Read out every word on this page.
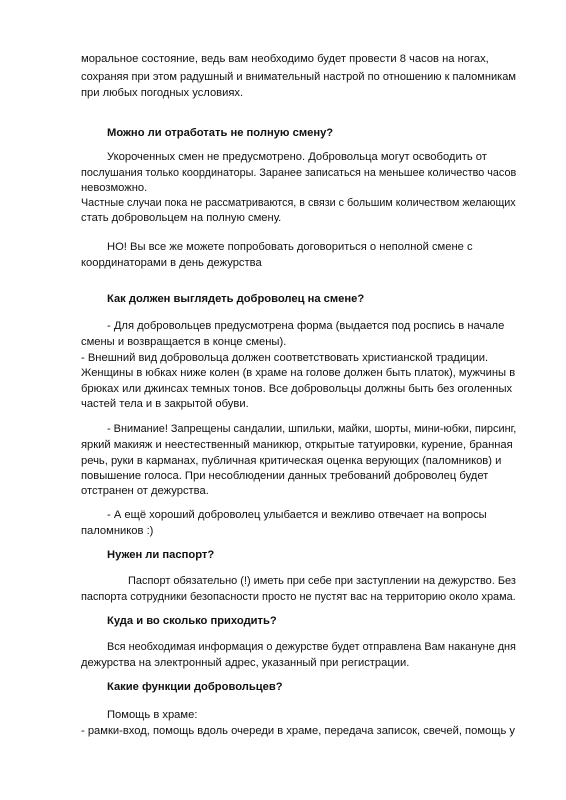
моральное состояние, ведь вам необходимо будет провести 8 часов на ногах,
сохраняя при этом радушный и внимательный настрой по отношению к паломникам
при любых погодных условиях.
Можно ли отработать не полную смену?
Укороченных смен не предусмотрено. Добровольца могут освободить от
послушания только координаторы. Заранее записаться на меньшее количество часов
невозможно.
Частные случаи пока не рассматриваются, в связи с большим количеством желающих
стать добровольцем на полную смену.
НО! Вы все же можете попробовать договориться о неполной смене с
координаторами в день дежурства
Как должен выглядеть доброволец на смене?
- Для добровольцев предусмотрена форма (выдается под роспись в начале
смены и возвращается в конце смены).
- Внешний вид добровольца должен соответствовать христианской традиции.
Женщины в юбках ниже колен (в храме на голове должен быть платок), мужчины в
брюках или джинсах темных тонов. Все добровольцы должны быть без оголенных
частей тела и в закрытой обуви.
- Внимание! Запрещены сандалии, шпильки, майки, шорты, мини-юбки, пирсинг,
яркий макияж и неестественный маникюр, открытые татуировки, курение, бранная
речь, руки в карманах, публичная критическая оценка верующих (паломников) и
повышение голоса. При несоблюдении данных требований доброволец будет
отстранен от дежурства.
- А ещё хороший доброволец улыбается и вежливо отвечает на вопросы
паломников :)
Нужен ли паспорт?
Паспорт обязательно (!) иметь при себе при заступлении на дежурство. Без
паспорта сотрудники безопасности просто не пустят вас на территорию около храма.
Куда и во сколько приходить?
Вся необходимая информация о дежурстве будет отправлена Вам накануне дня
дежурства на электронный адрес, указанный при регистрации.
Какие функции добровольцев?
Помощь в храме:
- рамки-вход, помощь вдоль очереди в храме, передача записок, свечей, помощь у
